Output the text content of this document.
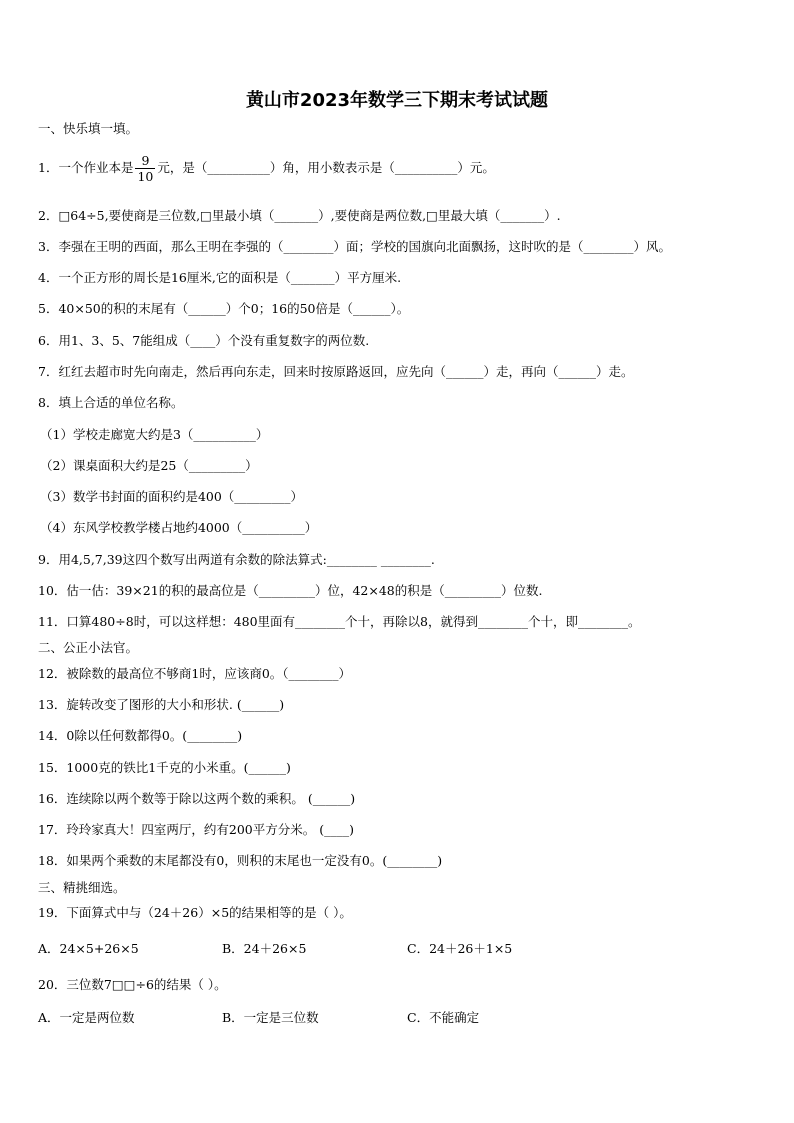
黄山市2023年数学三下期末考试试题
一、快乐填一填。
1．一个作业本是 $\frac{9}{10}$ 元，是（__________）角，用小数表示是（__________）元。
2．□64÷5,要使商是三位数,□里最小填（_______）,要使商是两位数,□里最大填（_______）.
3．李强在王明的西面，那么王明在李强的（________）面；学校的国旗向北面飘扬，这时吹的是（________）风。
4．一个正方形的周长是16厘米,它的面积是（_______）平方厘米.
5．40×50的积的末尾有（______）个0；16的50倍是（______）。
6．用1、3、5、7能组成（____）个没有重复数字的两位数.
7．红红去超市时先向南走，然后再向东走，回来时按原路返回，应先向（______）走，再向（______）走。
8．填上合适的单位名称。
（1）学校走廊宽大约是3（__________）
（2）课桌面积大约是25（_________）
（3）数学书封面的面积约是400（_________）
（4）东风学校教学楼占地约4000（__________）
9．用4,5,7,39这四个数写出两道有余数的除法算式:________ ________.
10．估一估：39×21的积的最高位是（_________）位，42×48的积是（_________）位数.
11．口算480÷8时，可以这样想：480里面有________个十，再除以8，就得到________个十，即________。
二、公正小法官。
12．被除数的最高位不够商1时，应该商0。（________）
13．旋转改变了图形的大小和形状. (______)
14．0除以任何数都得0。(________)
15．1000克的铁比1千克的小米重。(______)
16．连续除以两个数等于除以这两个数的乘积。 (______)
17．玲玲家真大！四室两厅，约有200平方分米。 (____)
18．如果两个乘数的末尾都没有0，则积的末尾也一定没有0。(________)
三、精挑细选。
19．下面算式中与（24＋26）×5的结果相等的是（ ）。
A．24×5+26×5	B．24＋26×5	C．24＋26＋1×5
20．三位数7□□÷6的结果（ ）。
A．一定是两位数	B．一定是三位数	C．不能确定
